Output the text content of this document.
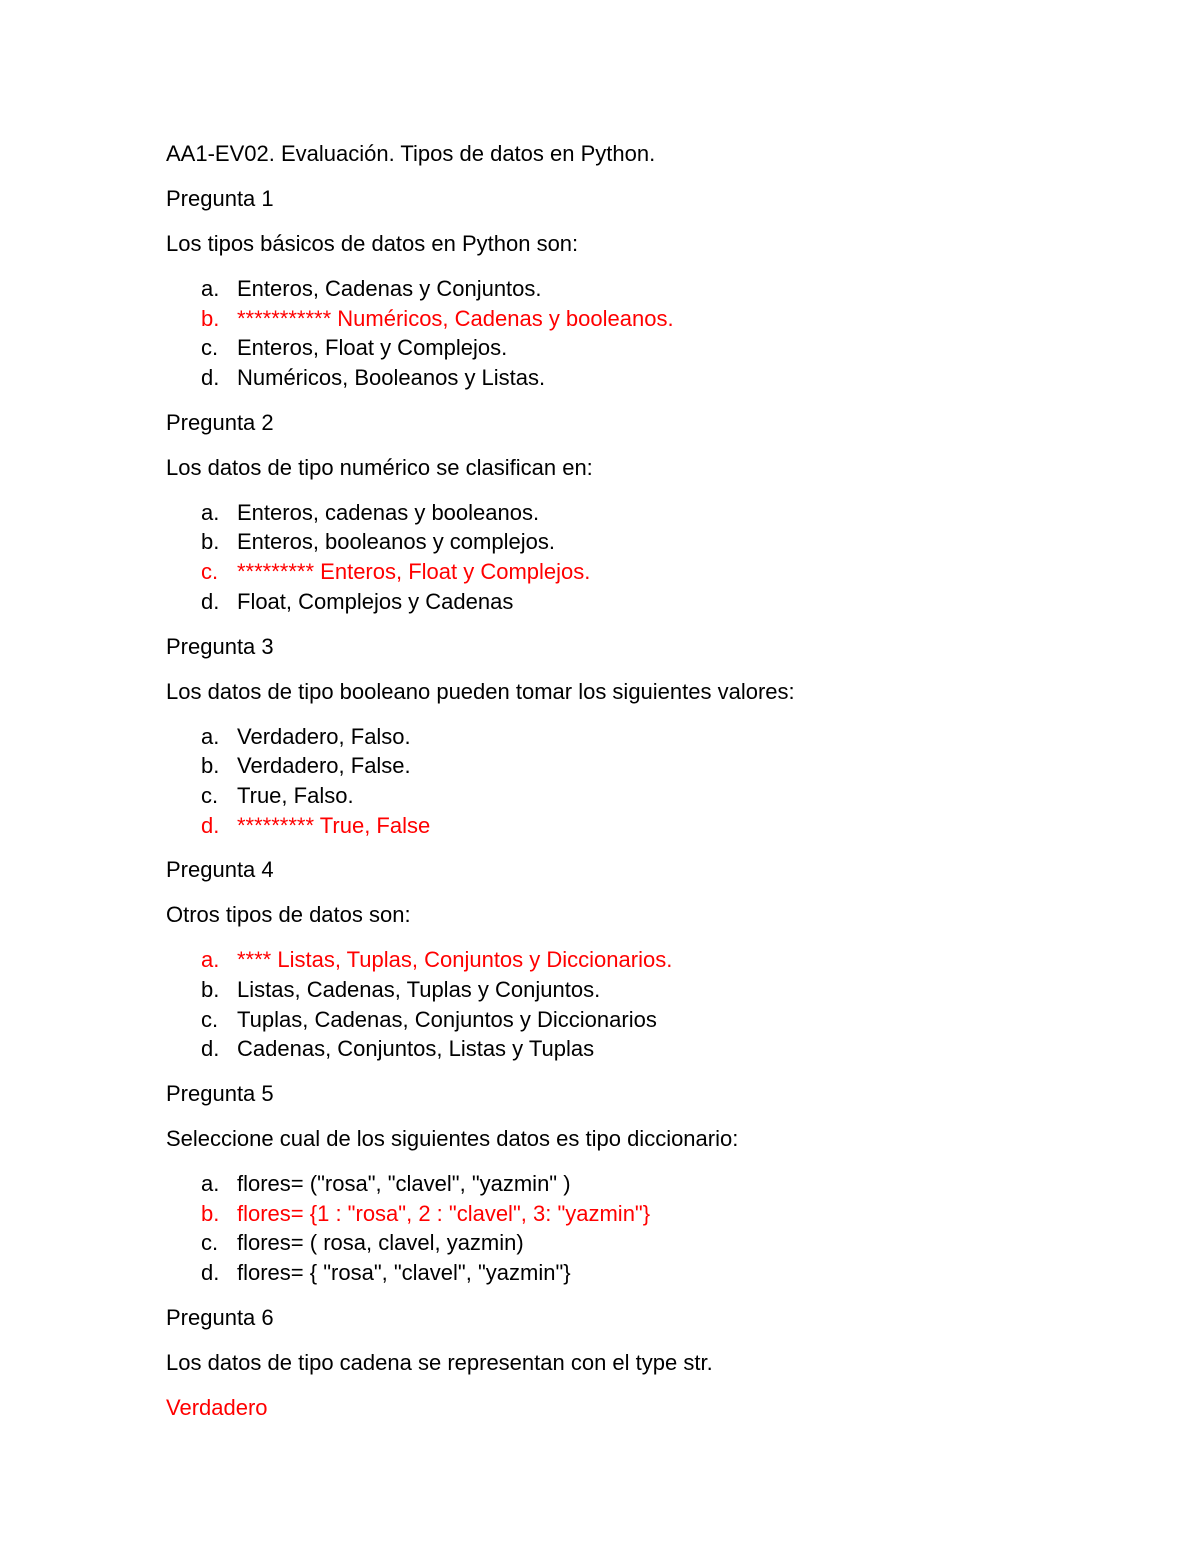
AA1-EV02. Evaluación. Tipos de datos en Python.

Pregunta 1

Los tipos básicos de datos en Python son:

a. Enteros, Cadenas y Conjuntos.
b. *********** Numéricos, Cadenas y booleanos.
c. Enteros, Float y Complejos.
d. Numéricos, Booleanos y Listas.

Pregunta 2

Los datos de tipo numérico se clasifican en:

a. Enteros, cadenas y booleanos.
b. Enteros, booleanos y complejos.
c. ********* Enteros, Float y Complejos.
d. Float, Complejos y Cadenas

Pregunta 3

Los datos de tipo booleano pueden tomar los siguientes valores:

a. Verdadero, Falso.
b. Verdadero, False.
c. True, Falso.
d. ********* True, False

Pregunta 4

Otros tipos de datos son:

a. **** Listas, Tuplas, Conjuntos y Diccionarios.
b. Listas, Cadenas, Tuplas y Conjuntos.
c. Tuplas, Cadenas, Conjuntos y Diccionarios
d. Cadenas, Conjuntos, Listas y Tuplas

Pregunta 5

Seleccione cual de los siguientes datos es tipo diccionario:

a. flores= ("rosa", "clavel", "yazmin" )
b. flores= {1 : "rosa", 2 : "clavel", 3: "yazmin"}
c. flores= ( rosa, clavel, yazmin)
d. flores= { "rosa", "clavel", "yazmin"}

Pregunta 6

Los datos de tipo cadena se representan con el type str.

Verdadero
